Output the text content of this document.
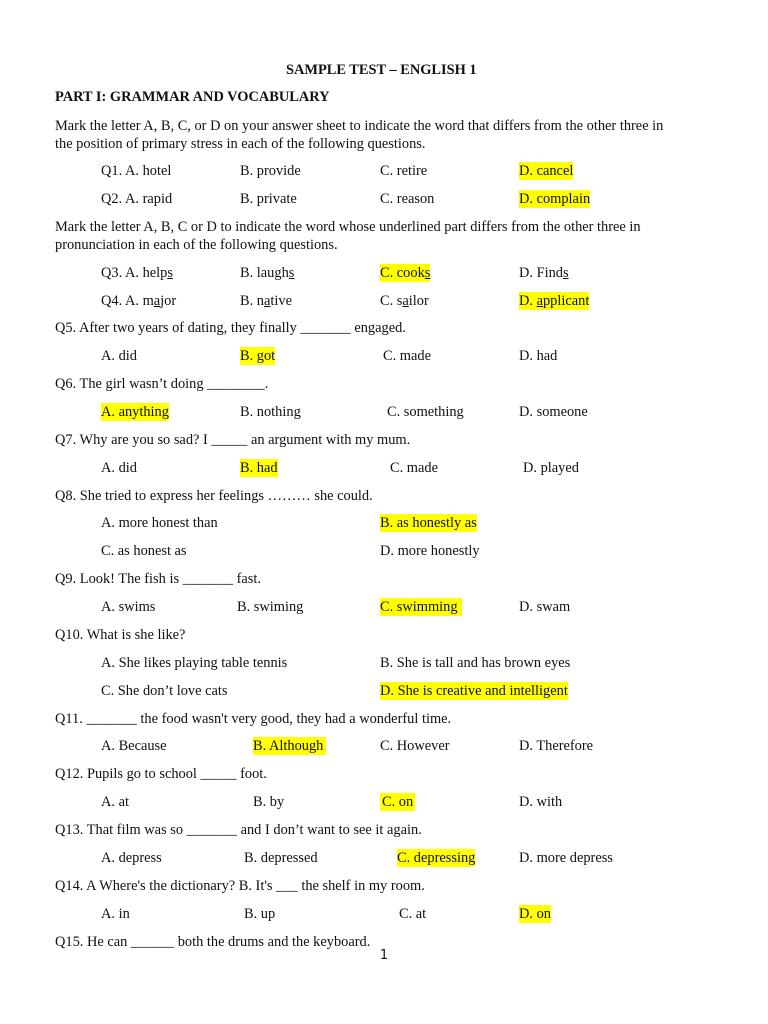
SAMPLE TEST – ENGLISH 1
PART I: GRAMMAR AND VOCABULARY
Mark the letter A, B, C, or D on your answer sheet to indicate the word that differs from the other three in
the position of primary stress in each of the following questions.
Q1. A. hotel	B. provide	C. retire	D. cancel
Q2. A. rapid	B. private	C. reason	D. complain
Mark the letter A, B, C or D to indicate the word whose underlined part differs from the other three in
pronunciation in each of the following questions.
Q3. A. helps	B. laughs	C. cooks	D. Finds
Q4. A. major	B. native	C. sailor	D. applicant
Q5. After two years of dating, they finally _______ engaged.
A. did	B. got	C. made	D. had
Q6. The girl wasn’t doing ________.
A. anything	B. nothing	C. something	D. someone
Q7. Why are you so sad? I _____ an argument with my mum.
A. did	B. had	C. made	D. played
Q8. She tried to express her feelings ……… she could.
A. more honest than	B. as honestly as
C. as honest as	D. more honestly
Q9. Look! The fish is _______ fast.
A. swims	B. swiming	C. swimming	D. swam
Q10. What is she like?
A. She likes playing table tennis	B. She is tall and has brown eyes
C. She don’t love cats	D. She is creative and intelligent
Q11. _______ the food wasn't very good, they had a wonderful time.
A. Because	B. Although	C. However	D. Therefore
Q12. Pupils go to school _____ foot.
A. at	B. by	C. on	D. with
Q13. That film was so _______ and I don’t want to see it again.
A. depress	B. depressed	C. depressing	D. more depress
Q14. A Where's the dictionary? B. It's ___ the shelf in my room.
A. in	B. up	C. at	D. on
Q15. He can ______ both the drums and the keyboard.
1
